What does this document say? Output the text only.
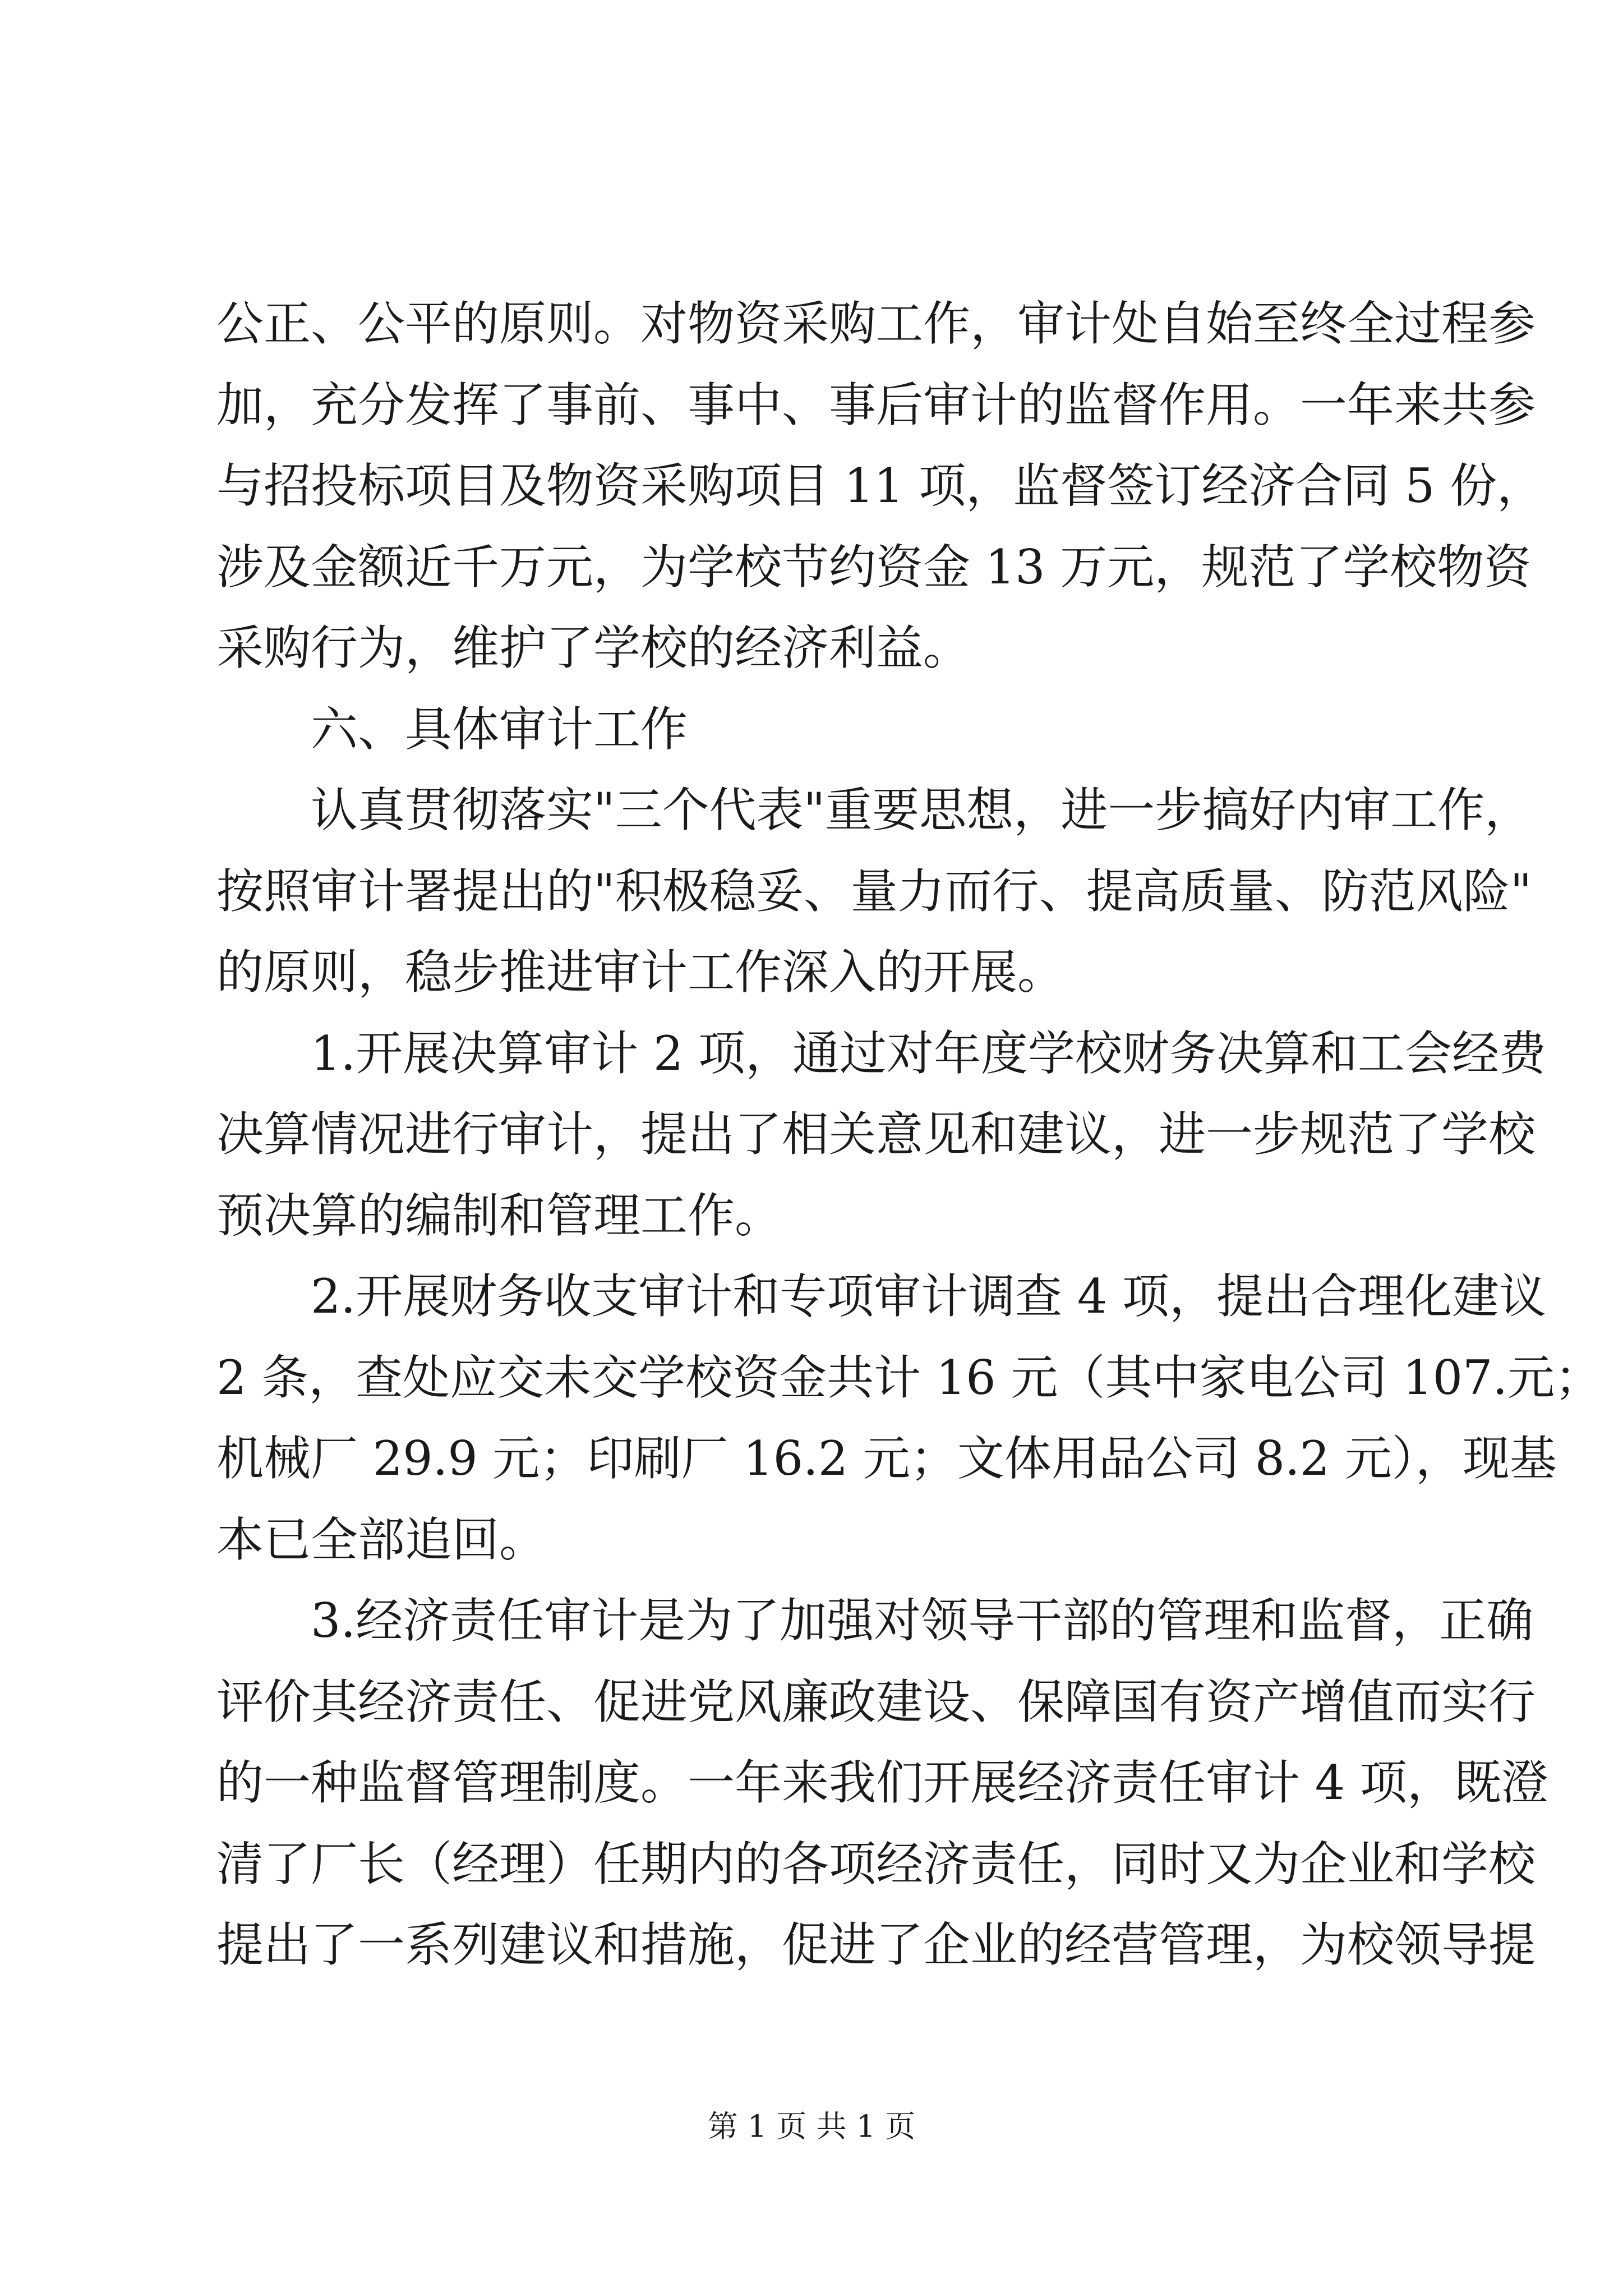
公正、公平的原则。对物资采购工作，审计处自始至终全过程参
加，充分发挥了事前、事中、事后审计的监督作用。一年来共参
与招投标项目及物资采购项目 11 项，监督签订经济合同 5 份，
涉及金额近千万元，为学校节约资金 13 万元，规范了学校物资
采购行为，维护了学校的经济利益。
六、具体审计工作
认真贯彻落实"三个代表"重要思想，进一步搞好内审工作，
按照审计署提出的"积极稳妥、量力而行、提高质量、防范风险"
的原则，稳步推进审计工作深入的开展。
1.开展决算审计 2 项，通过对年度学校财务决算和工会经费
决算情况进行审计，提出了相关意见和建议，进一步规范了学校
预决算的编制和管理工作。
2.开展财务收支审计和专项审计调查 4 项，提出合理化建议
2 条，查处应交未交学校资金共计 16 元（其中家电公司 107.元；
机械厂 29.9 元；印刷厂 16.2 元；文体用品公司 8.2 元），现基
本已全部追回。
3.经济责任审计是为了加强对领导干部的管理和监督，正确
评价其经济责任、促进党风廉政建设、保障国有资产增值而实行
的一种监督管理制度。一年来我们开展经济责任审计 4 项，既澄
清了厂长（经理）任期内的各项经济责任，同时又为企业和学校
提出了一系列建议和措施，促进了企业的经营管理，为校领导提
第 1 页 共 1 页
